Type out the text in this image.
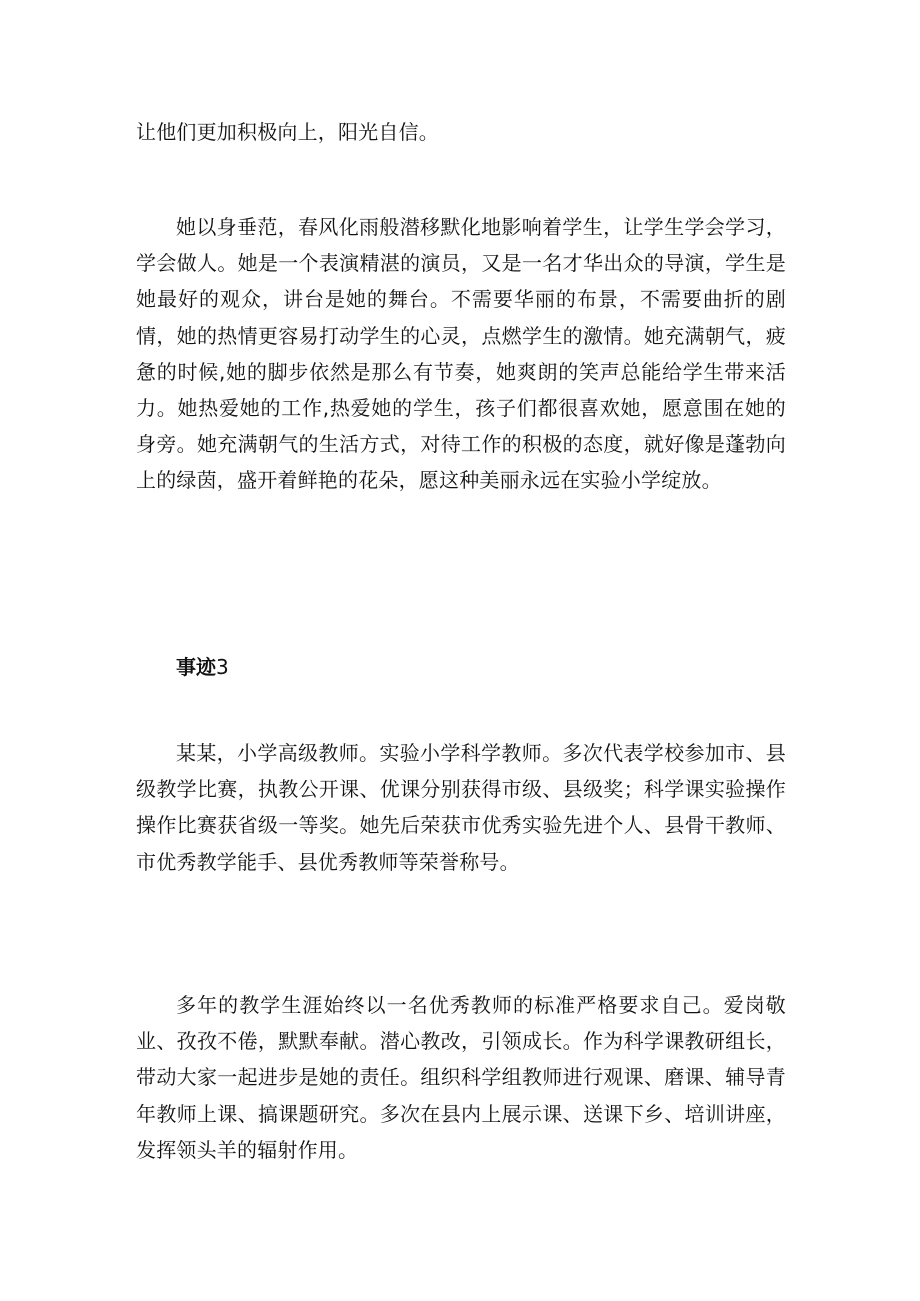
让他们更加积极向上，阳光自信。

她以身垂范，春风化雨般潜移默化地影响着学生，让学生学会学习，学会做人。她是一个表演精湛的演员，又是一名才华出众的导演，学生是她最好的观众，讲台是她的舞台。不需要华丽的布景，不需要曲折的剧情，她的热情更容易打动学生的心灵，点燃学生的激情。她充满朝气，疲惫的时候,她的脚步依然是那么有节奏，她爽朗的笑声总能给学生带来活力。她热爱她的工作,热爱她的学生，孩子们都很喜欢她，愿意围在她的身旁。她充满朝气的生活方式，对待工作的积极的态度，就好像是蓬勃向上的绿茵，盛开着鲜艳的花朵，愿这种美丽永远在实验小学绽放。

事迹3

某某，小学高级教师。实验小学科学教师。多次代表学校参加市、县级教学比赛，执教公开课、优课分别获得市级、县级奖；科学课实验操作操作比赛获省级一等奖。她先后荣获市优秀实验先进个人、县骨干教师、市优秀教学能手、县优秀教师等荣誉称号。

多年的教学生涯始终以一名优秀教师的标准严格要求自己。爱岗敬业、孜孜不倦，默默奉献。潜心教改，引领成长。作为科学课教研组长，带动大家一起进步是她的责任。组织科学组教师进行观课、磨课、辅导青年教师上课、搞课题研究。多次在县内上展示课、送课下乡、培训讲座，发挥领头羊的辐射作用。
